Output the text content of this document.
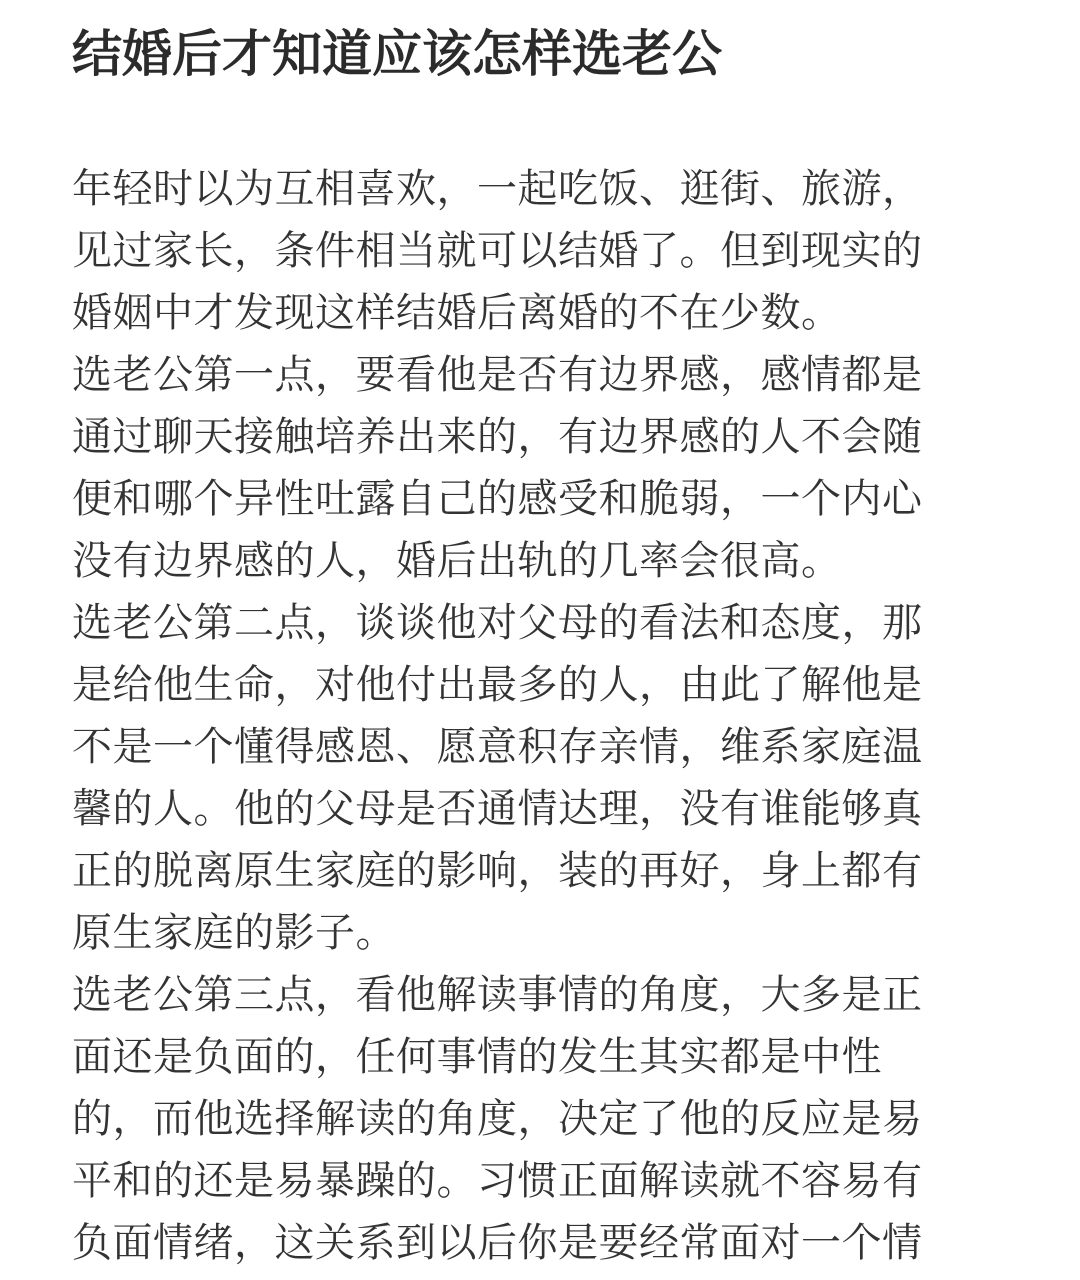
结婚后才知道应该怎样选老公
年轻时以为互相喜欢，一起吃饭、逛街、旅游，
见过家长，条件相当就可以结婚了。但到现实的
婚姻中才发现这样结婚后离婚的不在少数。
选老公第一点，要看他是否有边界感，感情都是
通过聊天接触培养出来的，有边界感的人不会随
便和哪个异性吐露自己的感受和脆弱，一个内心
没有边界感的人，婚后出轨的几率会很高。
选老公第二点，谈谈他对父母的看法和态度，那
是给他生命，对他付出最多的人，由此了解他是
不是一个懂得感恩、愿意积存亲情，维系家庭温
馨的人。他的父母是否通情达理，没有谁能够真
正的脱离原生家庭的影响，装的再好，身上都有
原生家庭的影子。
选老公第三点，看他解读事情的角度，大多是正
面还是负面的，任何事情的发生其实都是中性
的，而他选择解读的角度，决定了他的反应是易
平和的还是易暴躁的。习惯正面解读就不容易有
负面情绪，这关系到以后你是要经常面对一个情
